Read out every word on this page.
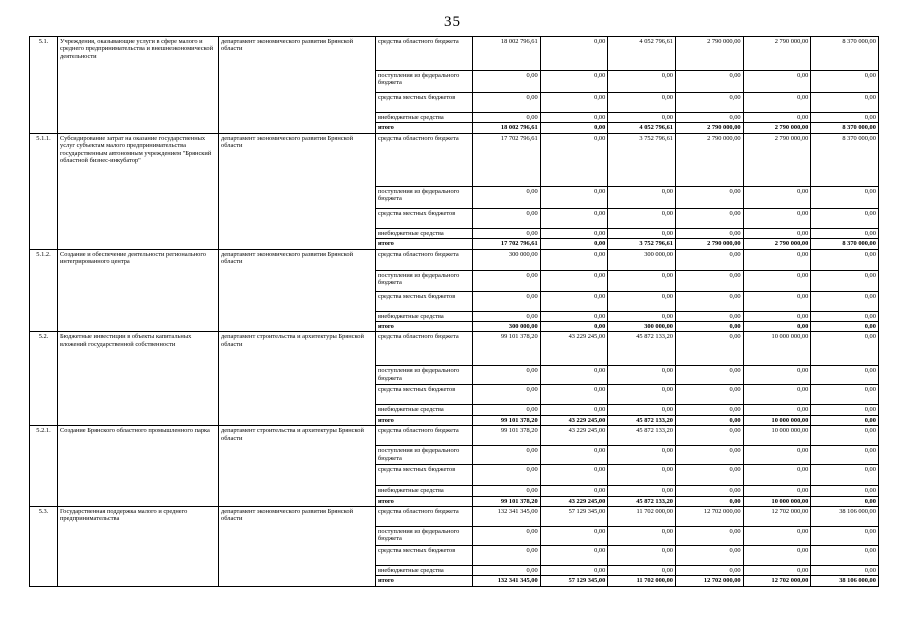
35
5.1.	Учреждения, оказывающие услуги в сфере малого и среднего предпринимательства и внешнеэкономической деятельности	департамент экономического развития Брянской области	средства областного бюджета	18 002 796,61	0,00	4 052 796,61	2 790 000,00	2 790 000,00	8 370 000,00
			поступления из федерального бюджета	0,00	0,00	0,00	0,00	0,00	0,00
			средства местных бюджетов	0,00	0,00	0,00	0,00	0,00	0,00
			внебюджетные средства	0,00	0,00	0,00	0,00	0,00	0,00
			итого	18 002 796,61	0,00	4 052 796,61	2 790 000,00	2 790 000,00	8 370 000,00
5.1.1.	Субсидирование затрат на оказание государственных услуг субъектам малого предпринимательства государственным автономным учреждением "Брянский областной бизнес-инкубатор"	департамент экономического развития Брянской области	средства областного бюджета	17 702 796,61	0,00	3 752 796,61	2 790 000,00	2 790 000,00	8 370 000,00
			поступления из федерального бюджета	0,00	0,00	0,00	0,00	0,00	0,00
			средства местных бюджетов	0,00	0,00	0,00	0,00	0,00	0,00
			внебюджетные средства	0,00	0,00	0,00	0,00	0,00	0,00
			итого	17 702 796,61	0,00	3 752 796,61	2 790 000,00	2 790 000,00	8 370 000,00
5.1.2.	Создание и обеспечение деятельности регионального интегрированного центра	департамент экономического развития Брянской области	средства областного бюджета	300 000,00	0,00	300 000,00	0,00	0,00	0,00
			поступления из федерального бюджета	0,00	0,00	0,00	0,00	0,00	0,00
			средства местных бюджетов	0,00	0,00	0,00	0,00	0,00	0,00
			внебюджетные средства	0,00	0,00	0,00	0,00	0,00	0,00
			итого	300 000,00	0,00	300 000,00	0,00	0,00	0,00
5.2.	Бюджетные инвестиции в объекты капитальных вложений государственной собственности	департамент строительства и архитектуры Брянской области	средства областного бюджета	99 101 378,20	43 229 245,00	45 872 133,20	0,00	10 000 000,00	0,00
			поступления из федерального бюджета	0,00	0,00	0,00	0,00	0,00	0,00
			средства местных бюджетов	0,00	0,00	0,00	0,00	0,00	0,00
			внебюджетные средства	0,00	0,00	0,00	0,00	0,00	0,00
			итого	99 101 378,20	43 229 245,00	45 872 133,20	0,00	10 000 000,00	0,00
5.2.1.	Создание Брянского областного промышленного парка	департамент строительства и архитектуры Брянской области	средства областного бюджета	99 101 378,20	43 229 245,00	45 872 133,20	0,00	10 000 000,00	0,00
			поступления из федерального бюджета	0,00	0,00	0,00	0,00	0,00	0,00
			средства местных бюджетов	0,00	0,00	0,00	0,00	0,00	0,00
			внебюджетные средства	0,00	0,00	0,00	0,00	0,00	0,00
			итого	99 101 378,20	43 229 245,00	45 872 133,20	0,00	10 000 000,00	0,00
5.3.	Государственная поддержка малого и среднего предпринимательства	департамент экономического развития Брянской области	средства областного бюджета	132 341 345,00	57 129 345,00	11 702 000,00	12 702 000,00	12 702 000,00	38 106 000,00
			поступления из федерального бюджета	0,00	0,00	0,00	0,00	0,00	0,00
			средства местных бюджетов	0,00	0,00	0,00	0,00	0,00	0,00
			внебюджетные средства	0,00	0,00	0,00	0,00	0,00	0,00
			итого	132 341 345,00	57 129 345,00	11 702 000,00	12 702 000,00	12 702 000,00	38 106 000,00
